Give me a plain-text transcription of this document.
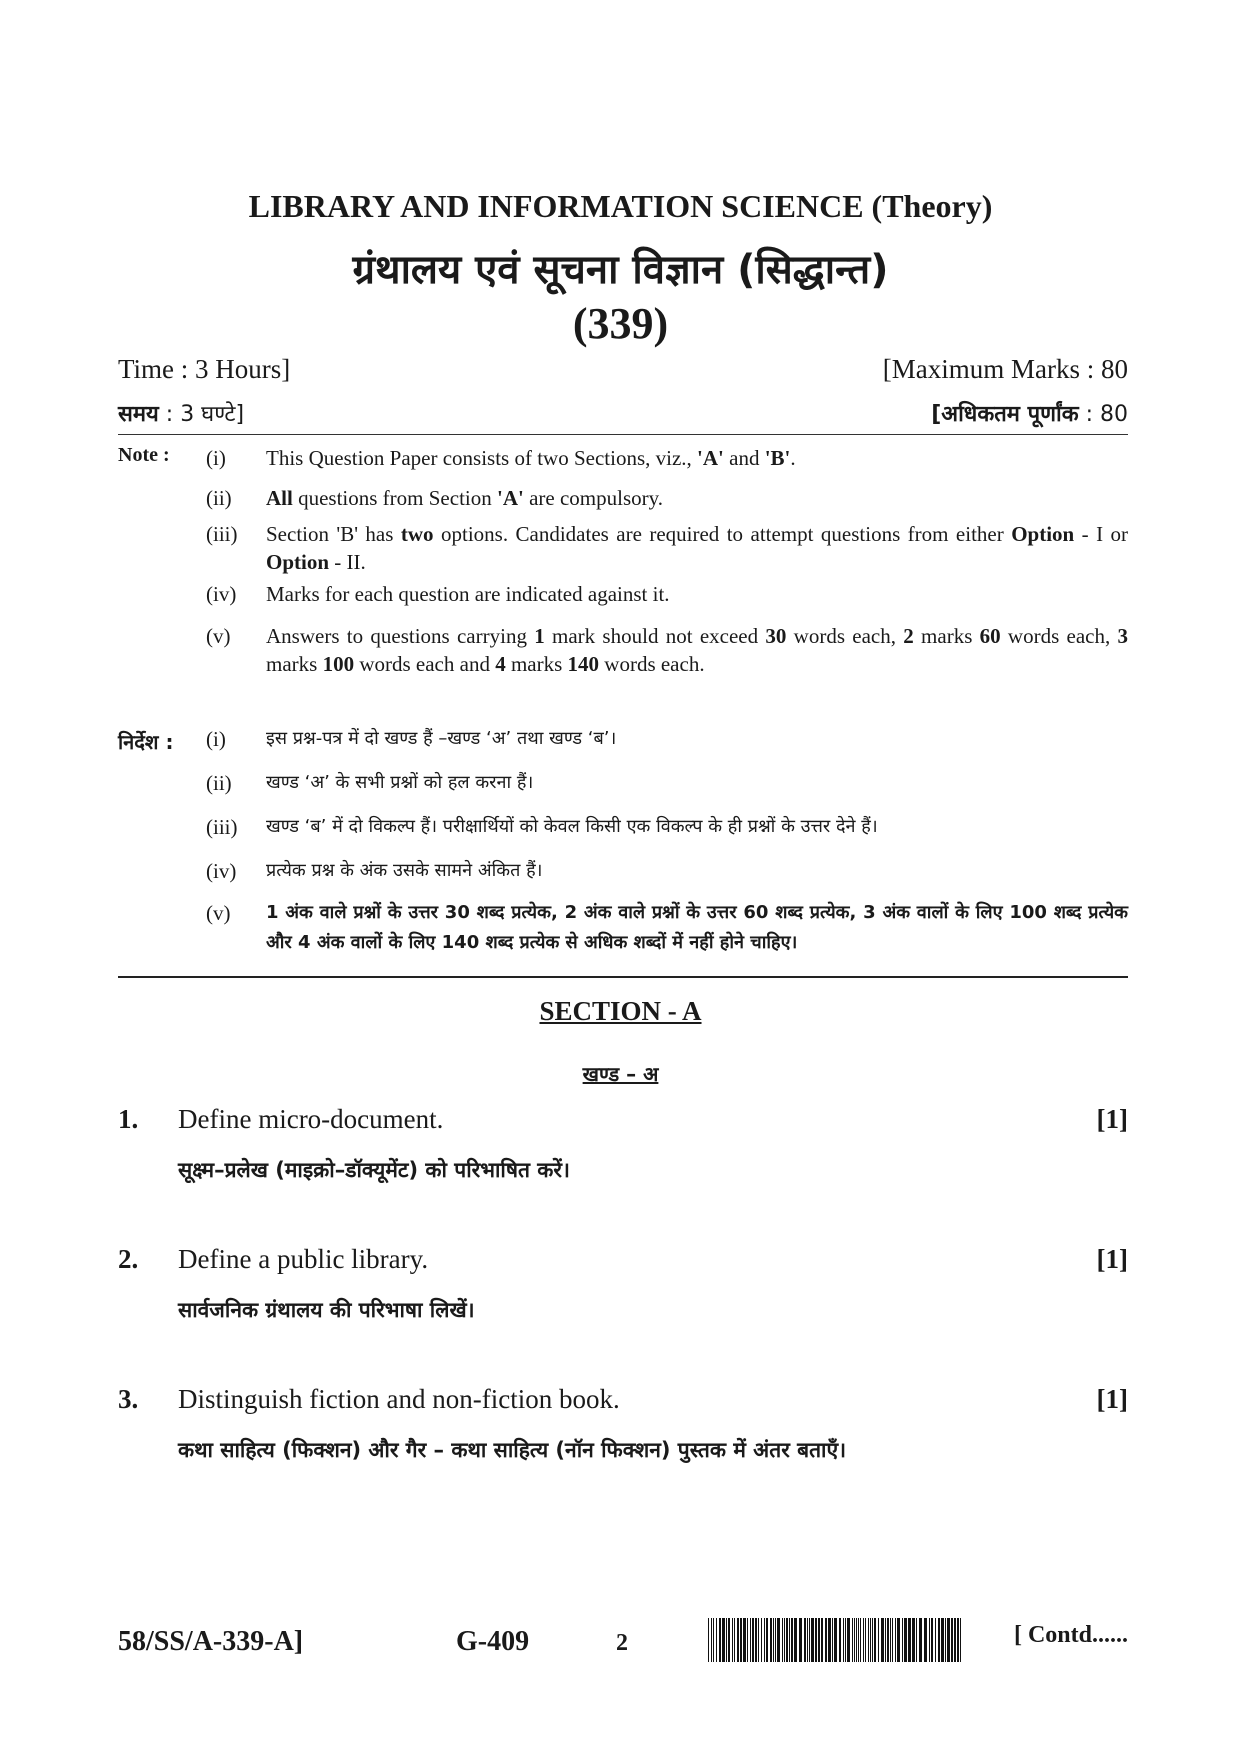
LIBRARY AND INFORMATION SCIENCE (Theory)
ग्रंथालय एवं सूचना विज्ञान (सिद्धान्त)
(339)
Time : 3 Hours]	[Maximum Marks : 80
समय : 3 घण्टे]	[अधिकतम पूर्णांक : 80
Note : (i)	This Question Paper consists of two Sections, viz., 'A' and 'B'.
(ii)	All questions from Section 'A' are compulsory.
(iii)	Section 'B' has two options. Candidates are required to attempt questions from either Option - I or Option - II.
(iv)	Marks for each question are indicated against it.
(v)	Answers to questions carrying 1 mark should not exceed 30 words each, 2 marks 60 words each, 3 marks 100 words each and 4 marks 140 words each.
निर्देश : (i)	इस प्रश्न-पत्र में दो खण्ड हैं –खण्ड ‘अ’ तथा खण्ड ‘ब’।
(ii)	खण्ड ‘अ’ के सभी प्रश्नों को हल करना हैं।
(iii)	खण्ड ‘ब’ में दो विकल्प हैं। परीक्षार्थियों को केवल किसी एक विकल्प के ही प्रश्नों के उत्तर देने हैं।
(iv)	प्रत्येक प्रश्न के अंक उसके सामने अंकित हैं।
(v)	1 अंक वाले प्रश्नों के उत्तर 30 शब्द प्रत्येक, 2 अंक वाले प्रश्नों के उत्तर 60 शब्द प्रत्येक, 3 अंक वालों के लिए 100 शब्द प्रत्येक और 4 अंक वालों के लिए 140 शब्द प्रत्येक से अधिक शब्दों में नहीं होने चाहिए।
SECTION - A
खण्ड – अ
1. Define micro-document.	[1]
सूक्ष्म–प्रलेख (माइक्रो–डॉक्यूमेंट) को परिभाषित करें।
2. Define a public library.	[1]
सार्वजनिक ग्रंथालय की परिभाषा लिखें।
3. Distinguish fiction and non-fiction book.	[1]
कथा साहित्य (फिक्शन) और गैर – कथा साहित्य (नॉन फिक्शन) पुस्तक में अंतर बताएँ।
58/SS/A-339-A]	G-409	2	[ Contd......
